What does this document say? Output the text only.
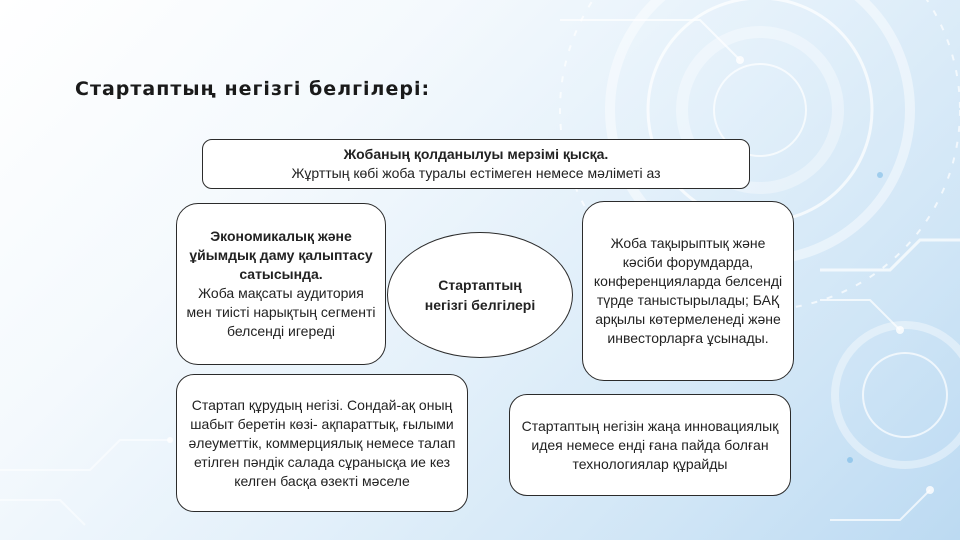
Стартаптың негізгі белгілері:
Жобаның қолданылуы мерзімі қысқа.
Жұрттың көбі жоба туралы естімеген немесе мәліметі аз
Экономикалық және ұйымдық даму қалыптасу сатысында.
Жоба мақсаты аудитория мен тиісті нарықтың сегменті белсенді игереді
Стартаптың негізгі белгілері
Жоба тақырыптық және кәсіби форумдарда, конференцияларда белсенді түрде таныстырылады; БАҚ арқылы көтермеленеді және инвесторларға ұсынады.
Стартап құрудың негізі. Сондай-ақ оның шабыт беретін көзі- ақпараттық, ғылыми әлеуметтік, коммерциялық немесе талап етілген пәндік салада сұранысқа ие кез келген басқа өзекті мәселе
Стартаптың негізін жаңа инновациялық идея немесе енді ғана пайда болған технологиялар құрайды
